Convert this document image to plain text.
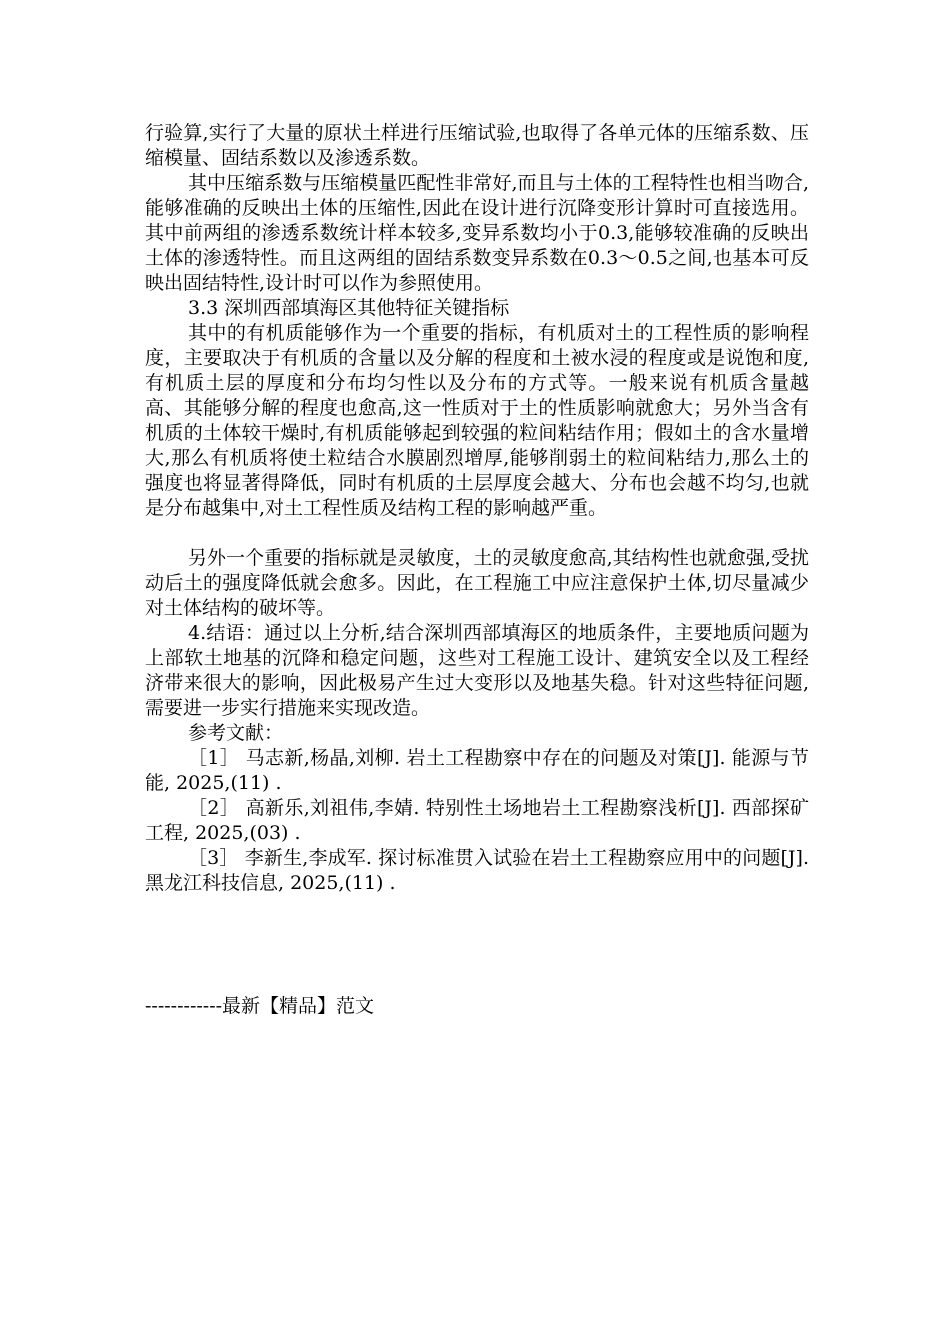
行验算,实行了大量的原状土样进行压缩试验,也取得了各单元体的压缩系数、压缩模量、固结系数以及渗透系数。

其中压缩系数与压缩模量匹配性非常好,而且与土体的工程特性也相当吻合,能够准确的反映出土体的压缩性,因此在设计进行沉降变形计算时可直接选用。其中前两组的渗透系数统计样本较多,变异系数均小于0.3,能够较准确的反映出土体的渗透特性。而且这两组的固结系数变异系数在0.3～0.5之间,也基本可反映出固结特性,设计时可以作为参照使用。

3.3 深圳西部填海区其他特征关键指标

其中的有机质能够作为一个重要的指标，有机质对土的工程性质的影响程度，主要取决于有机质的含量以及分解的程度和土被水浸的程度或是说饱和度,有机质土层的厚度和分布均匀性以及分布的方式等。一般来说有机质含量越高、其能够分解的程度也愈高,这一性质对于土的性质影响就愈大；另外当含有机质的土体较干燥时,有机质能够起到较强的粒间粘结作用；假如土的含水量增大,那么有机质将使土粒结合水膜剧烈增厚,能够削弱土的粒间粘结力,那么土的强度也将显著得降低，同时有机质的土层厚度会越大、分布也会越不均匀,也就是分布越集中,对土工程性质及结构工程的影响越严重。

另外一个重要的指标就是灵敏度，土的灵敏度愈高,其结构性也就愈强,受扰动后土的强度降低就会愈多。因此，在工程施工中应注意保护土体,切尽量减少对土体结构的破坏等。

4.结语：通过以上分析,结合深圳西部填海区的地质条件，主要地质问题为上部软土地基的沉降和稳定问题，这些对工程施工设计、建筑安全以及工程经济带来很大的影响，因此极易产生过大变形以及地基失稳。针对这些特征问题,需要进一步实行措施来实现改造。

参考文献：

［1］ 马志新,杨晶,刘柳. 岩土工程勘察中存在的问题及对策[J]. 能源与节能, 2025,(11) .

［2］ 高新乐,刘祖伟,李婧. 特别性土场地岩土工程勘察浅析[J]. 西部探矿工程, 2025,(03) .

［3］ 李新生,李成军. 探讨标准贯入试验在岩土工程勘察应用中的问题[J]. 黑龙江科技信息, 2025,(11) .

------------最新【精品】范文
